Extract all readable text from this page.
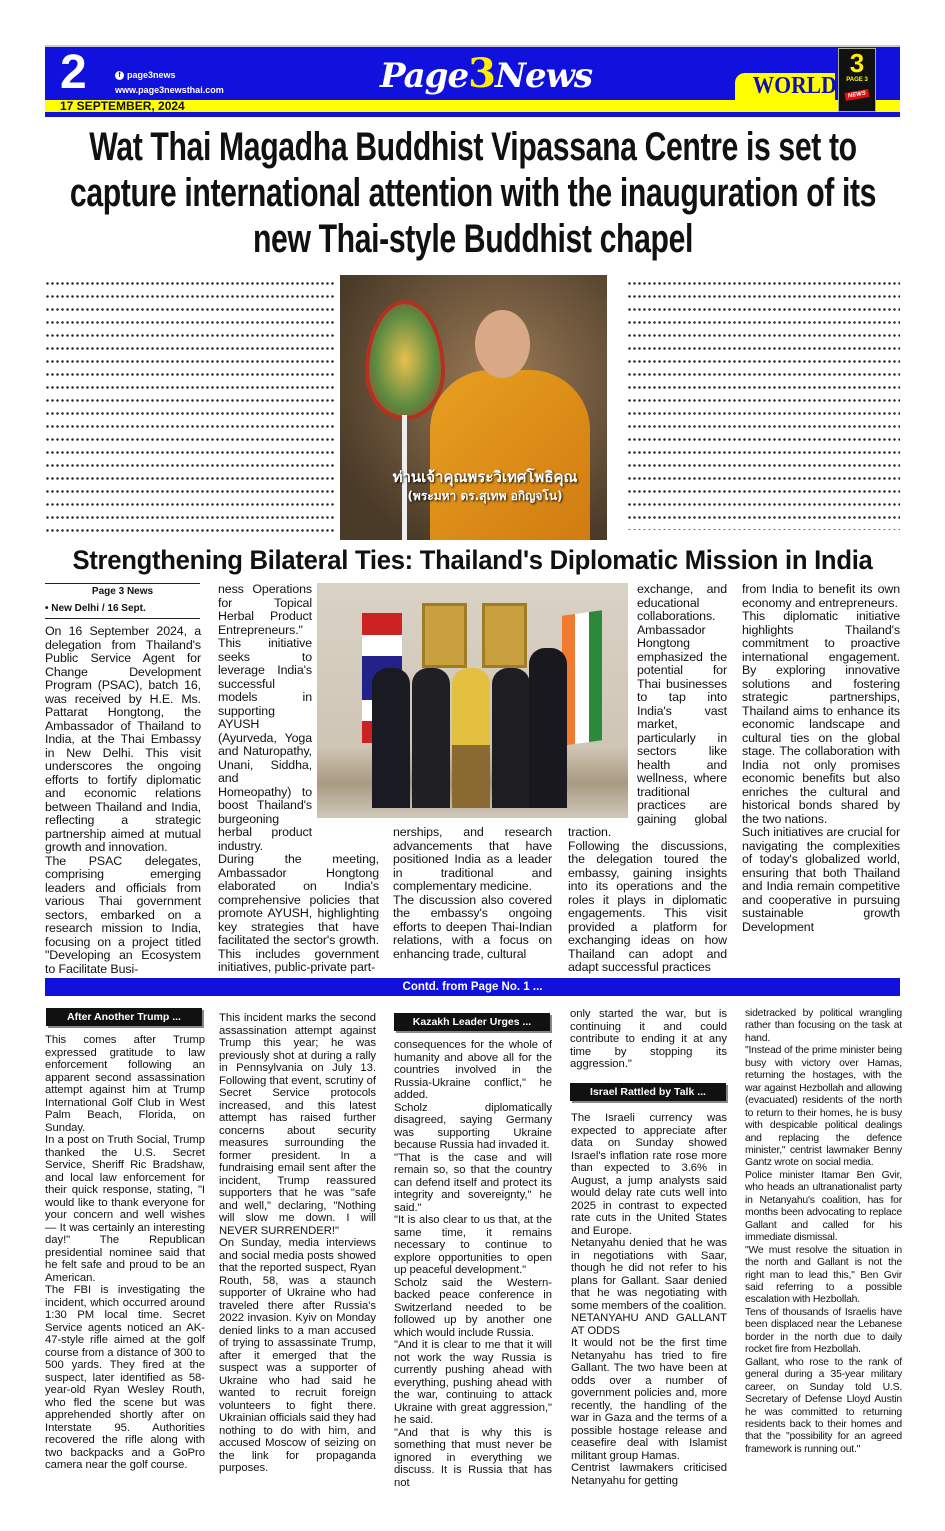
2	f page3news
www.page3newsthai.com
17 SEPTEMBER, 2024
Page3News	WORLD
3
PAGE 3
NEWS
ท่านเจ้าคุณพระวิเทศโพธิคุณ
(พระมหา ดร.สุเทพ อกิญจโน)
Wat Thai Magadha Buddhist Vipassana Centre is set to capture international attention with the inauguration of its new Thai-style Buddhist chapel
Strengthening Bilateral Ties: Thailand's Diplomatic Mission in India
Page 3 News
• New Delhi / 16 Sept.

On 16 September 2024, a delegation from Thailand's Public Service Agent for Change Development Program (PSAC), batch 16, was received by H.E. Ms. Pattarat Hongtong, the Ambassador of Thailand to India, at the Thai Embassy in New Delhi. This visit underscores the ongoing efforts to fortify diplomatic and economic relations between Thailand and India, reflecting a strategic partnership aimed at mutual growth and innovation.

The PSAC delegates, comprising emerging leaders and officials from various Thai government sectors, embarked on a research mission to India, focusing on a project titled "Developing an Ecosystem to Facilitate Busi-

ness Operations for Topical Herbal Product Entrepreneurs." This initiative seeks to leverage India's successful models in supporting AYUSH (Ayurveda, Yoga and Naturopathy, Unani, Siddha, and Homeopathy) to boost Thailand's burgeoning herbal product industry.

During the meeting, Ambassador Hongtong elaborated on India's comprehensive policies that promote AYUSH, highlighting key strategies that have facilitated the sector's growth. This includes government initiatives, public-private part-

nerships, and research advancements that have positioned India as a leader in traditional and complementary medicine.

The discussion also covered the embassy's ongoing efforts to deepen Thai-Indian relations, with a focus on enhancing trade, cultural

exchange, and educational collaborations. Ambassador Hongtong emphasized the potential for Thai businesses to tap into India's vast market, particularly in sectors like health and wellness, where traditional practices are gaining global traction.

Following the discussions, the delegation toured the embassy, gaining insights into its operations and the roles it plays in diplomatic engagements. This visit provided a platform for exchanging ideas on how Thailand can adopt and adapt successful practices

from India to benefit its own economy and entrepreneurs.

This diplomatic initiative highlights Thailand's commitment to proactive international engagement. By exploring innovative solutions and fostering strategic partnerships, Thailand aims to enhance its economic landscape and cultural ties on the global stage. The collaboration with India not only promises economic benefits but also enriches the cultural and historical bonds shared by the two nations.

Such initiatives are crucial for navigating the complexities of today's globalized world, ensuring that both Thailand and India remain competitive and cooperative in pursuing sustainable growth Development

Contd. from Page No. 1 ...
After Another Trump ...

This comes after Trump expressed gratitude to law enforcement following an apparent second assassination attempt against him at Trump International Golf Club in West Palm Beach, Florida, on Sunday.

In a post on Truth Social, Trump thanked the U.S. Secret Service, Sheriff Ric Bradshaw, and local law enforcement for their quick response, stating, "I would like to thank everyone for your concern and well wishes — It was certainly an interesting day!" The Republican presidential nominee said that he felt safe and proud to be an American.

The FBI is investigating the incident, which occurred around 1:30 PM local time. Secret Service agents noticed an AK-47-style rifle aimed at the golf course from a distance of 300 to 500 yards. They fired at the suspect, later identified as 58-year-old Ryan Wesley Routh, who fled the scene but was apprehended shortly after on Interstate 95. Authorities recovered the rifle along with two backpacks and a GoPro camera near the golf course.

This incident marks the second assassination attempt against Trump this year; he was previously shot at during a rally in Pennsylvania on July 13. Following that event, scrutiny of Secret Service protocols increased, and this latest attempt has raised further concerns about security measures surrounding the former president. In a fundraising email sent after the incident, Trump reassured supporters that he was "safe and well," declaring, "Nothing will slow me down. I will NEVER SURRENDER!"

On Sunday, media interviews and social media posts showed that the reported suspect, Ryan Routh, 58, was a staunch supporter of Ukraine who had traveled there after Russia's 2022 invasion. Kyiv on Monday denied links to a man accused of trying to assassinate Trump, after it emerged that the suspect was a supporter of Ukraine who had said he wanted to recruit foreign volunteers to fight there. Ukrainian officials said they had nothing to do with him, and accused Moscow of seizing on the link for propaganda purposes.

Kazakh Leader Urges ...

consequences for the whole of humanity and above all for the countries involved in the Russia-Ukraine conflict," he added.

Scholz diplomatically disagreed, saying Germany was supporting Ukraine because Russia had invaded it.

"That is the case and will remain so, so that the country can defend itself and protect its integrity and sovereignty," he said."

"It is also clear to us that, at the same time, it remains necessary to continue to explore opportunities to open up peaceful development."

Scholz said the Western-backed peace conference in Switzerland needed to be followed up by another one which would include Russia.

"And it is clear to me that it will not work the way Russia is currently pushing ahead with everything, pushing ahead with the war, continuing to attack Ukraine with great aggression," he said.

"And that is why this is something that must never be ignored in everything we discuss. It is Russia that has not

only started the war, but is continuing it and could contribute to ending it at any time by stopping its aggression."

Israel Rattled by Talk ...

The Israeli currency was expected to appreciate after data on Sunday showed Israel's inflation rate rose more than expected to 3.6% in August, a jump analysts said would delay rate cuts well into 2025 in contrast to expected rate cuts in the United States and Europe.

Netanyahu denied that he was in negotiations with Saar, though he did not refer to his plans for Gallant. Saar denied that he was negotiating with some members of the coalition.

NETANYAHU AND GALLANT AT ODDS

It would not be the first time Netanyahu has tried to fire Gallant. The two have been at odds over a number of government policies and, more recently, the handling of the war in Gaza and the terms of a possible hostage release and ceasefire deal with Islamist militant group Hamas.

Centrist lawmakers criticised Netanyahu for getting

sidetracked by political wrangling rather than focusing on the task at hand.

"Instead of the prime minister being busy with victory over Hamas, returning the hostages, with the war against Hezbollah and allowing (evacuated) residents of the north to return to their homes, he is busy with despicable political dealings and replacing the defence minister," centrist lawmaker Benny Gantz wrote on social media.

Police minister Itamar Ben Gvir, who heads an ultranationalist party in Netanyahu's coalition, has for months been advocating to replace Gallant and called for his immediate dismissal.

"We must resolve the situation in the north and Gallant is not the right man to lead this," Ben Gvir said referring to a possible escalation with Hezbollah.

Tens of thousands of Israelis have been displaced near the Lebanese border in the north due to daily rocket fire from Hezbollah.

Gallant, who rose to the rank of general during a 35-year military career, on Sunday told U.S. Secretary of Defense Lloyd Austin he was committed to returning residents back to their homes and that the "possibility for an agreed framework is running out."
